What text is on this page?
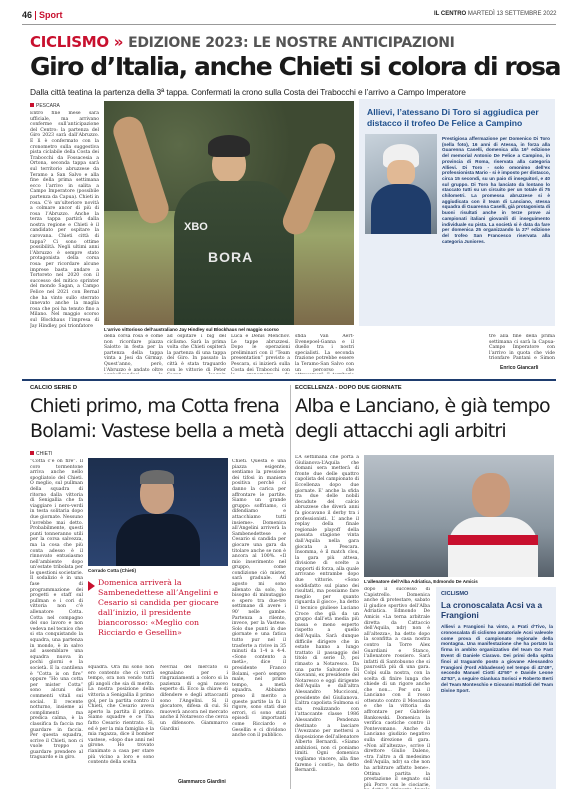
46 Sport	IL CENTRO MARTEDÌ 13 SETTEMBRE 2022
CICLISMO » EDIZIONE 2023: LE NOSTRE ANTICIPAZIONI
Giro d’Italia, anche Chieti si colora di rosa
Dalla città teatina la partenza della 3ª tappa. Confermati la crono sulla Costa dei Trabocchi e l’arrivo a Campo Imperatore
PESCARA
Entro fine mese sarà ufficiale, ma arrivano conferme sull’anticipazione del Centro: la partenza del Giro 2023 sarà dall’Abruzzo. E lì è confermato con la cronometro sulla suggestiva pista ciclabile della Costa dei Trabocchi da Fossacesia a Ortona, seconda tappa sarà sul territorio abruzzese da Teramo a San Salvo e alla fine della prima settimana ecco l’arrivo in salita a Campo Imperatore (possibile partenza da Capua). Chieti in rosa. C’è un’ulteriore novità a colmare ancor di più di rosa l’Abruzzo. Anche la terza tappa partirà dalla nostra regione e Chieti è il candidato per ospitare la carovana. Chieti città di tappa? Ci sono ottime possibilità. Negli ultimi anni l’Abruzzo è sempre stato protagonista della corsa rosa: per ricordare alcune imprese basta andare a Tortoreto nel 2020 con il successo del mitico sprinter del mondo Sagan, a Campo Felice nel 2021 con Bernal che ha vinto sullo sterrato innevato anche la maglia rosa che poi ha tenuto fino a Milano. Nel maggio scorso sul Blockhaus l’impresa di Jay Hindley, poi trionfatore
BORA
XBO
L’arrivo vittorioso dell’australiano Jay Hindley sul Blockhaus nel maggio scorso
della corsa rosa e come non ricordare piazza Salotto in festa per la partenza della tappa vinta a Jesi da Girmay. Quest’anno, però, l’Abruzzo è andato oltre
ad ospitare i big del ciclismo. Sarà la prima volta che Chieti ospiterà la partenza di una tappa del Giro. In passato la città è stata traguardo con le vittorie di Peter
Luca e Denis Menchov. Le tappe abruzzesi. Dopo le operazioni preliminari con il “Team presentation” previsto a Pescara, si inizierà sulla Costa dei Trabocchi con
sfida Van Aert-Evenepoel-Ganna e il duello tra i nostri specialisti. La seconda frazione potrebbe essere la Teramo-San Salvo con un percorso che
Allievi, l’atessano Di Toro si aggiudica per distacco il trofeo De Felice a Campino
Prestigiosa affermazione per Domenico Di Toro (nella foto), 16 anni di Atessa, in forza alla Guarenna Caselli, domenica alla 16ª edizione del memorial Antonio De Felice a Campino, in provincia di Roma, riservata alla categoria Allievi. Di Toro - solo omonimo dell’ex professionista Mario - si è imposto per distacco, circa 15 secondi, su un paio di inseguitori, e 40 sul gruppo. Di Toro ha lanciato da lontano lo staccato tutti su un circuito per un totale di 75 chilometri. La promessa abruzzese si è aggiudicata con il team di Lanciano, stessa squadra di Guarenna Caselli, già protagonista di buoni risultati anche in terze prove ai campionati italiani giovanili di inseguimento individuale su pista. La società si è data da fare per domenica 25 organizzando la 27ª edizione del trofeo San Francesco riservata alla categoria Juniores.
tre alla fine della prima settimana ci sarà la Capua-Campo Imperatore con l’arrivo in quota che vide trionfare Pantani e Simon
Enrico Giancarli
CALCIO SERIE D
Chieti primo, ma Cotta frena
Bolami: Vastese bella a metà
CHIETI
“Cotta c’è on fire”. Il coro tormentone arriva anche nello spogliatoio del Chieti. O meglio, sul pullman della squadra di ritorno dalla vittoria di Senigallia che fa viaggiare i nero-verdi in testa solitaria dopo due giornate. Nessuno l’avrebbe mai detto. Probabilmente, questi punti tonneranno utili per la corsa salvezza, ma la cosa che più conta adesso è il rinnovato entusiasmo nell’ambiente dopo un’estate tribolata per le questioni societarie. Il sodalizio è in una fase di programmazione dei progetti e staff sul pullman e i cori di vittoria non c’è allenatore Cotta. Cotta nel compagno del suo lavoro e non vedeva nel tecnico che si sta conquistando la squadra, una partenza in mondo, è in salvo ad assemblare una squadra nuova in pochi giorni e la società. E la cantilena è “Cotta is on fire” oppure “Ho una cotta per mister Cotta” sono alcuni dei commenti vitali sui social. Il recente notturno, insieme ai complimenti ma predica calma, è la classifica fa faccia mo guardare in faccia. Per questa squadra, scrive il Chieti, non ci vuole troppo a guardare prendere al traguardo e in giro.
Corrado Cotta (Chieti)
Chieti. Questa è una piazza esigente, sentiamo la pressione dei tifosi in maniera positiva perché ci danno la carica per affrontare le partite. Siamo un grande gruppo: soffriamo, ci difendiamo e attacchiamo tutti insieme». Domenica all’Angelini arriverà la Sambenedettese e Cesario si candida per giocare una gara da titolare anche se non è ancora al 100%. «Il mio inserimento nel gruppo, come condizione ciò mister, sarà graduale. Ad agosto mi sono allenato da solo, ho bisogno di minutaggio e spero tra due-tre settimane di avere i 90’ nelle gambe. Partenza a rilento, invece, per la Vastese. Solo due punti in due giornate e una fatica tutto pur nel il trasferte a rivive in 35 minuti da 1-4 a 4-4. «Sono contento a metà», dice il presidente Franco Bolami, «però sempre male, nel primo tempo, a metà squadra. Abbiamo preso il merito a queste partite la fa il rigore, sono stati due errori, ci sono stati episodi importanti come Ricciardo e Gesellin e ci dividono anche con il pubblico.
Domenica arriverà la Sambenedettese all’Angelini e Cesario si candida per giocare dall’inizio, il presidente biancorosso: «Meglio con Ricciardo e Gesellin»
squadra. Ora mi sono non ero contento che ci vorrà tempo, ora non vendo tutti gli angoli che sia di merito. La nostra posizione della vittoria a Senigallia il primo gol, per la partita contro il Chieti, che Cesario aveva aperto la partita il primo. Siamo squadre e ce l’ha fatto Cesario rientrato. Sì, ed è per la mia famiglia e la mia ragazza, dice il bomber vastese, «dopo due anni nel girone. Ho trovato rianimato a casa per stare più vicino a loro e sono contento della scelta
Nevrial del mercato si segnalano per i ringraziamenti a coloro si la pazienza di ogni nuovo esperto di. Ecco la chiave di difendere e degli attaccanti sono l’Angelini. Sì il giocatore, difesa di cui. Si muoverà ancora nel mercato anche il Notaresco che cerca un difensore. Giammarco Giardini
Giammarco Giardini
ECCELLENZA - DOPO DUE GIORNATE
Alba e Lanciano, è già tempo
degli attacchi agli arbitri
L’A settimana che porta a Giulianova-L’Aquila che domani sera metterà di fronte due delle quattro capolista del campionato di Eccellenza dopo due giornate. E’ anche la sfida tra due delle nobili decadute del calcio abruzzese che diverà anni fa giocavano il derby tra i professionisti. L’ anche il replay della finale regionale playoff della passata stagione vinta dall’Aquila nella gara giocata a Pescara. Insomma, è il match clou, la gara più attesa, divisione di scelte a rapporti di forza, alla quale arrivano entrambe dopo due vittorie. «Sono soddisfatto sul piano dei risultati, ma possiamo fare meglio per quanto riguarda il gioco», ha detto il tecnico giuliese Luciano Croce che già da un gruppo dall’età media più bassa e meno esperto rispetto a quello dell’Aquila. Sarà dunque difficile dirigere che in estate hanno a lungo trattato il passaggio del titolo di serie D, poi rimasto a Notaresco. Da una parte Salvatore Di Giovanni, ex presidente del Notaresco e oggi dirigente dell’Aquila e dall’altra Alessandro Mucciconi, presidente del Giulianova. L’altra capolista Sulmona si sta realizzando con l’attaccante classe 1986 Alessandro Pendenza destinato a lasciare l’Avezzano per mettersi a disposizione dell’allenatore Alberto Bernardi. «Siamo ambiziosi, non ci poniamo limiti. Ogni domenica vogliamo vincere, alla fine faremo i conti», ha detto Bernardi.
L’allenatore dell’Alba Adriatica, Edmondo De Amicis
dopo il successo di Capistrello. Domenica anche di protestare, sabato il giudice sportivo dell’Alba Adriatica. Edmondo De Amicis «La terna arbitrale diretta da Cattaccio dell’Aquila, ndr) non è all’altezza», ha detto dopo la sconfitta a casa nostra contro la Torre Alex Guardiani e Stanco, l’allenatore rossiero. Sarà infatti di Santobuono che si paurosità più di una gara. Colpi sulla nostra, con la scelta di finire lunga che chiede di un rigore anche che non... Per ora il Lanciano con il rosso ottenuto contro il Mosciano e che la vittoria da affrontare per Gabriele Bankowski. Domenica la verifica caotiche contro il Pontevomano. Anche da Lanciano giudizio negativo sulla direzione di gara. «Non all’altezza», scrive il direttore Giulio Daleno, «tra l’altro a di medesimo dell’Aquila, ndr) sa che non ha arbitrare affatto bene». Ottima partita la prestazione il segnato sul più Porro con le ciociarie,
CICLISMO
La cronoscalata Acsi va a Frangioni
Allievi a Frangioni ha vinto, a Prati d’Tivo, la cronoscalata di ciclismo amatoriale Acsi valevole come prova di campionato regionale della montagna. Una manifestazione che ha portato la firma in ambito organizzativo del team Go Fast Event di Daniele Ciaravo. Dei primi della spitta finoi al traguardo posto a giovane Alessandro Frangioni (Ford Abbadesse) nel tempo di 42’49”, secondo Manuel Ciotti 42’50” e Davide Leone 42’53”, a seguire Gianluca Sorisci e Roberto Berti del Team Monteschio e Giovanni Mattioli del Team Divine Sport.
